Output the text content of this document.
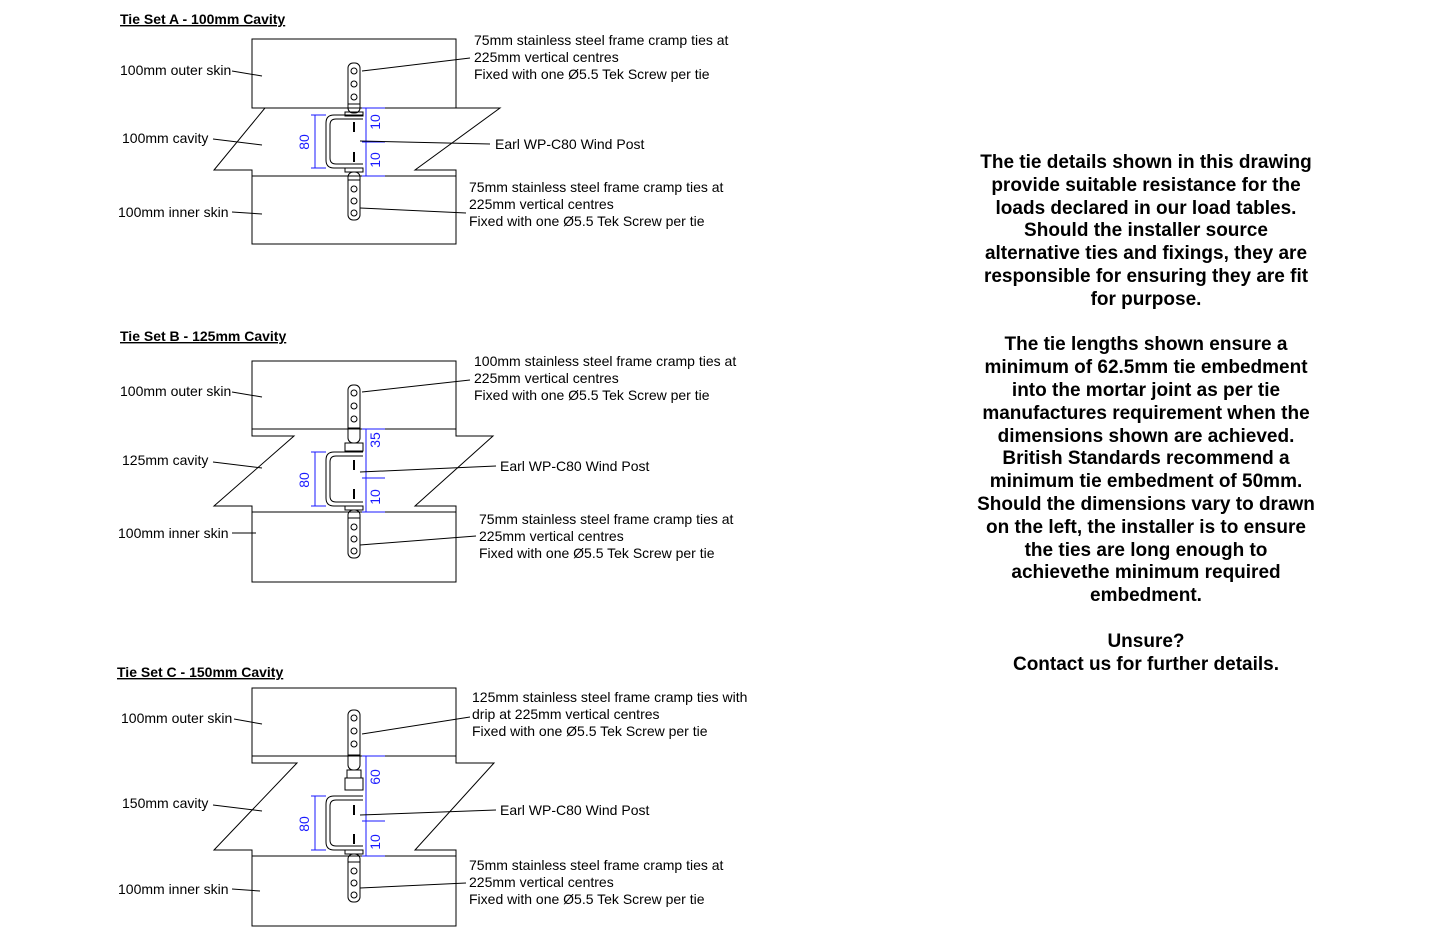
Tie Set A - 100mm Cavity
80
10
10
100mm outer skin
100mm cavity
100mm inner skin
75mm stainless steel frame cramp ties at
225mm vertical centres
Fixed with one Ø5.5 Tek Screw per tie
Earl WP-C80 Wind Post
75mm stainless steel frame cramp ties at
225mm vertical centres
Fixed with one Ø5.5 Tek Screw per tie
Tie Set B - 125mm Cavity
80
35
10
100mm outer skin
125mm cavity
100mm inner skin
100mm stainless steel frame cramp ties at
225mm vertical centres
Fixed with one Ø5.5 Tek Screw per tie
Earl WP-C80 Wind Post
75mm stainless steel frame cramp ties at
225mm vertical centres
Fixed with one Ø5.5 Tek Screw per tie
Tie Set C - 150mm Cavity
80
60
10
100mm outer skin
150mm cavity
100mm inner skin
125mm stainless steel frame cramp ties with
drip at 225mm vertical centres
Fixed with one Ø5.5 Tek Screw per tie
Earl WP-C80 Wind Post
75mm stainless steel frame cramp ties at
225mm vertical centres
Fixed with one Ø5.5 Tek Screw per tie

The tie details shown in this drawing
provide suitable resistance for the
loads declared in our load tables.
Should the installer source
alternative ties and fixings, they are
responsible for ensuring they are fit
for purpose.

The tie lengths shown ensure a
minimum of 62.5mm tie embedment
into the mortar joint as per tie
manufactures requirement when the
dimensions shown are achieved.
British Standards recommend a
minimum tie embedment of 50mm.
Should the dimensions vary to drawn
on the left, the installer is to ensure
the ties are long enough to
achievethe minimum required
embedment.

Unsure?
Contact us for further details.
